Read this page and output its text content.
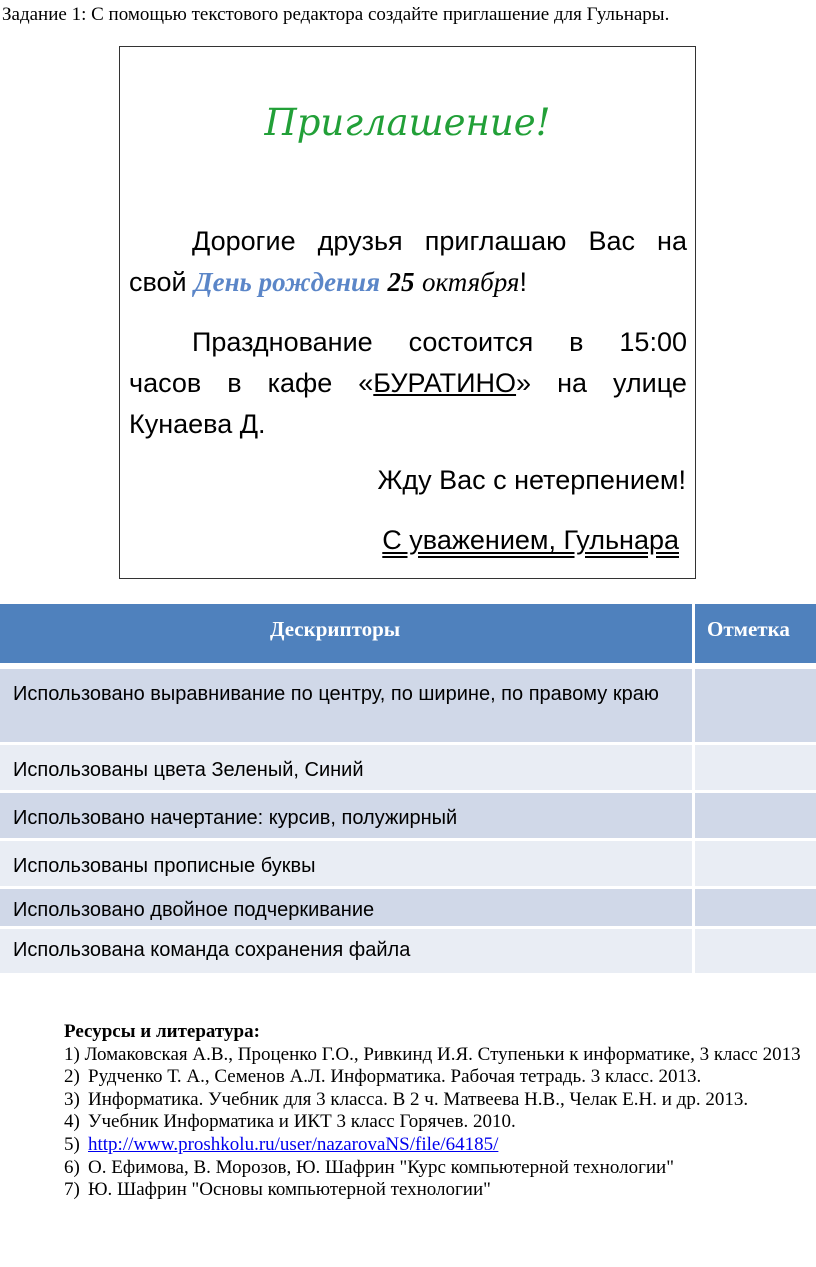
Задание 1: С помощью текстового редактора создайте приглашение для Гульнары.
Приглашение!
Дорогие друзья приглашаю Вас на
свой День рождения 25 октября!
Празднование состоится в 15:00
часов в кафе «БУРАТИНО» на улице
Кунаева Д.
Жду Вас с нетерпением!
С уважением, Гульнара
Дескрипторы	Отметка
Использовано выравнивание по центру, по ширине, по правому краю
Использованы цвета Зеленый, Синий
Использовано начертание: курсив, полужирный
Использованы прописные буквы
Использовано двойное подчеркивание
Использована команда сохранения файла
Ресурсы и литература:
1) Ломаковская А.В., Проценко Г.О., Ривкинд И.Я. Ступеньки к информатике, 3 класс 2013
2) Рудченко Т. А., Семенов А.Л. Информатика. Рабочая тетрадь. 3 класс. 2013.
3) Информатика. Учебник для 3 класса. В 2 ч. Матвеева Н.В., Челак Е.Н. и др. 2013.
4) Учебник Информатика и ИКТ 3 класс Горячев. 2010.
5) http://www.proshkolu.ru/user/nazarovaNS/file/64185/
6) О. Ефимова, В. Морозов, Ю. Шафрин "Курс компьютерной технологии"
7) Ю. Шафрин "Основы компьютерной технологии"
